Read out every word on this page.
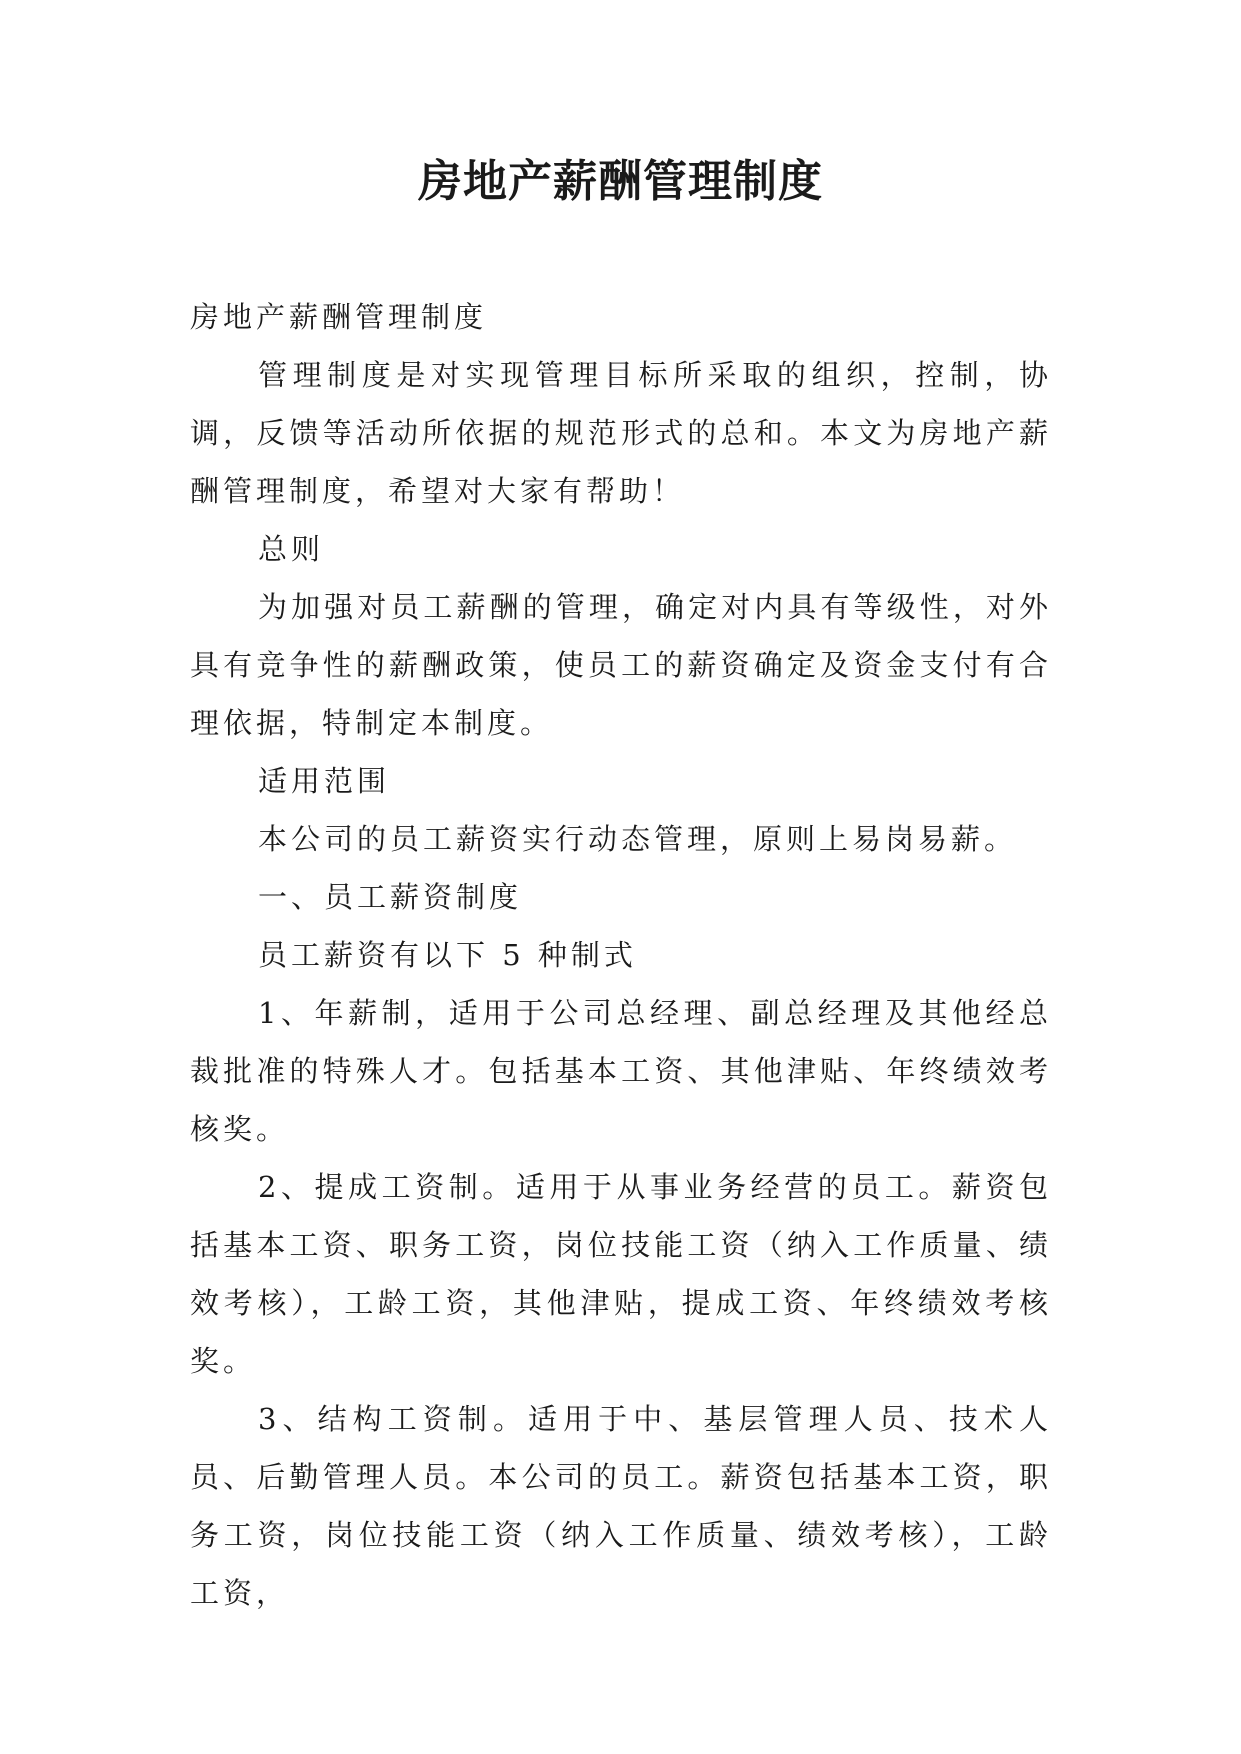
房地产薪酬管理制度

房地产薪酬管理制度

管理制度是对实现管理目标所采取的组织，控制，协调，反馈等活动所依据的规范形式的总和。本文为房地产薪酬管理制度，希望对大家有帮助！

总则

为加强对员工薪酬的管理，确定对内具有等级性，对外具有竞争性的薪酬政策，使员工的薪资确定及资金支付有合理依据，特制定本制度。

适用范围

本公司的员工薪资实行动态管理，原则上易岗易薪。

一、员工薪资制度

员工薪资有以下 5 种制式

1、年薪制，适用于公司总经理、副总经理及其他经总裁批准的特殊人才。包括基本工资、其他津贴、年终绩效考核奖。

2、提成工资制。适用于从事业务经营的员工。薪资包括基本工资、职务工资，岗位技能工资（纳入工作质量、绩效考核），工龄工资，其他津贴，提成工资、年终绩效考核奖。

3、结构工资制。适用于中、基层管理人员、技术人员、后勤管理人员。本公司的员工。薪资包括基本工资，职务工资，岗位技能工资（纳入工作质量、绩效考核），工龄工资，
